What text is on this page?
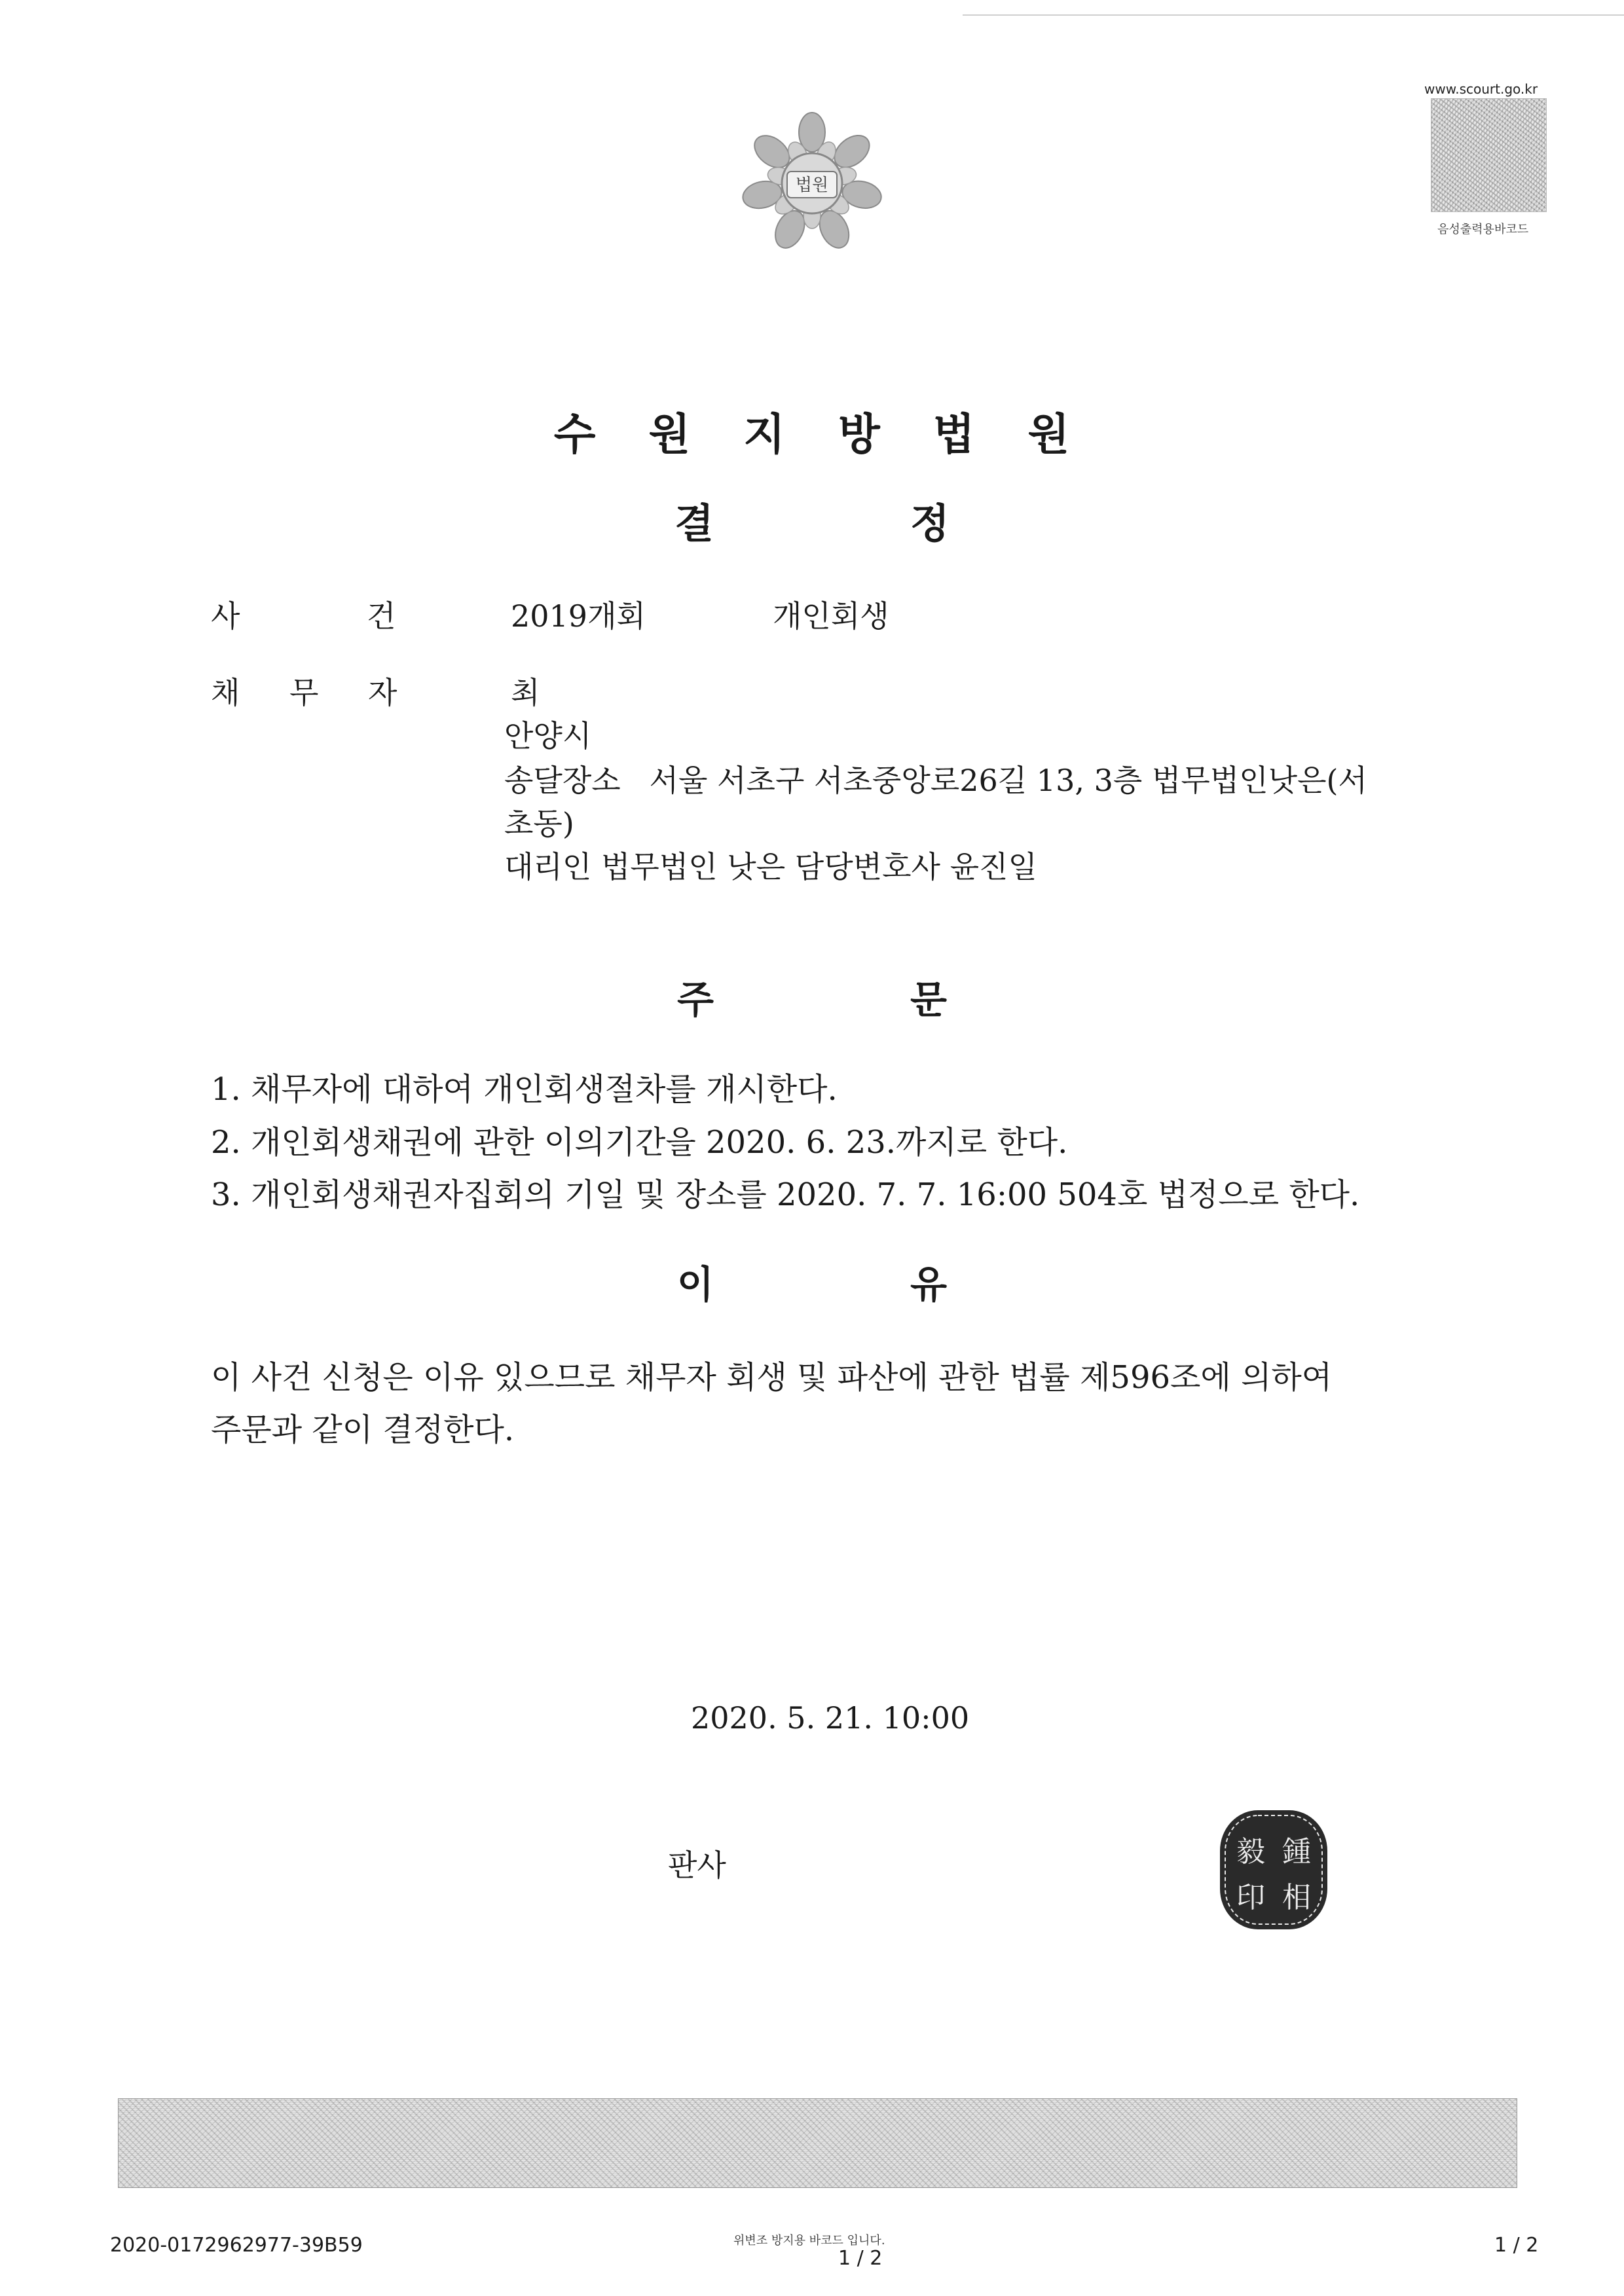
법원
www.scourt.go.kr
음성출력용바코드
수 원 지 방 법 원
결	정
사	건	2019개회	개인회생
채 무 자	최
안양시
송달장소   서울 서초구 서초중앙로26길 13, 3층 법무법인낫은(서
초동)
대리인 법무법인 낫은 담당변호사 윤진일
주	문
1. 채무자에 대하여 개인회생절차를 개시한다.
2. 개인회생채권에 관한 이의기간을 2020. 6. 23.까지로 한다.
3. 개인회생채권자집회의 기일 및 장소를 2020. 7. 7. 16:00 504호 법정으로 한다.
이	유
이 사건 신청은 이유 있으므로 채무자 회생 및 파산에 관한 법률 제596조에 의하여
주문과 같이 결정한다.
2020. 5. 21. 10:00
판사	毅 鍾
印 相
2020-0172962977-39B59	위변조 방지용 바코드 입니다.
1 / 2
1 / 2
